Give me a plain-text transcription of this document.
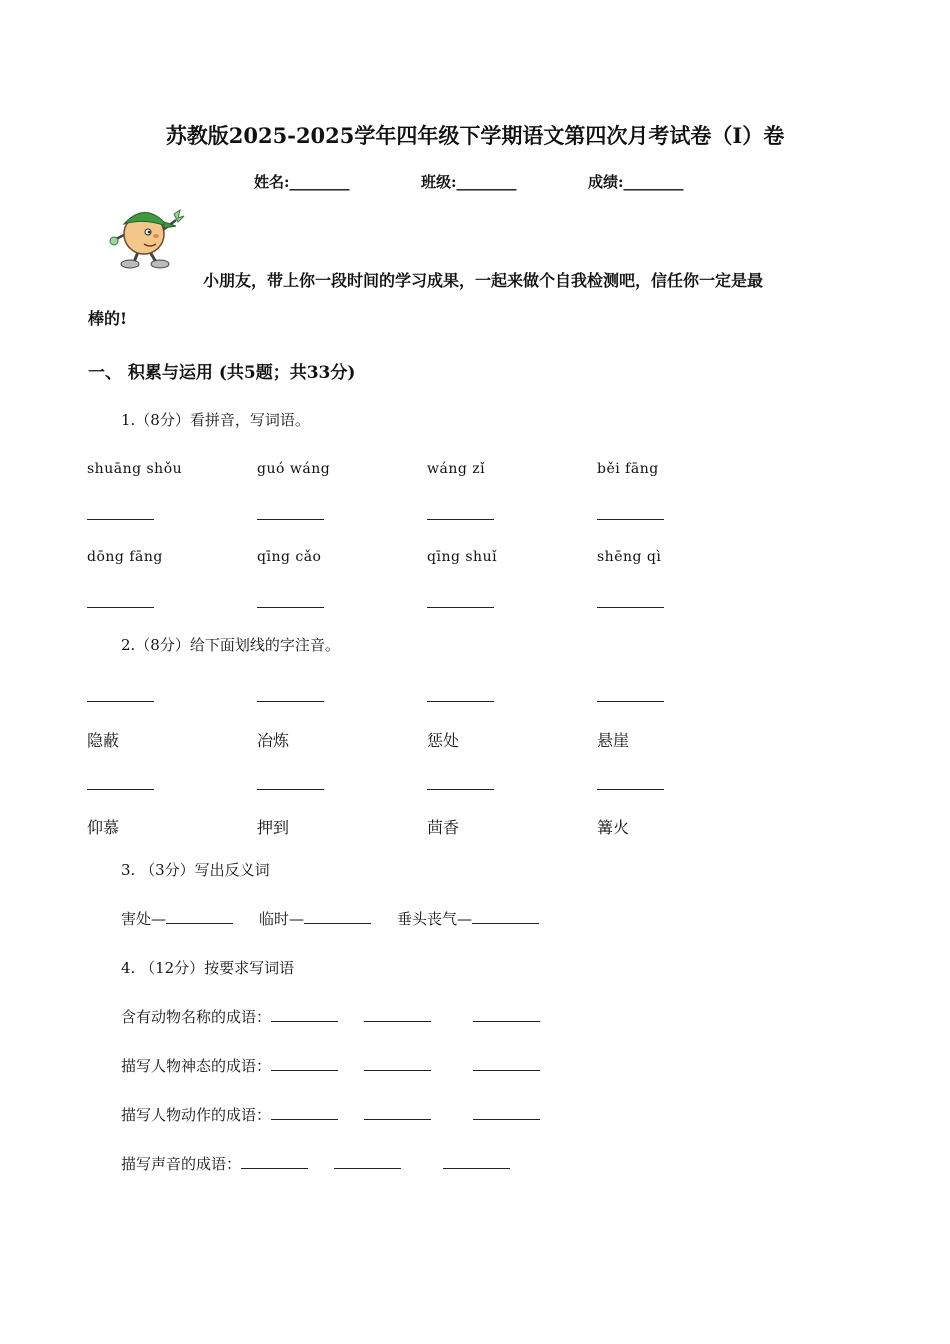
苏教版2025-2025学年四年级下学期语文第四次月考试卷（I）卷
姓名:________	班级:________	成绩:________
小朋友，带上你一段时间的学习成果，一起来做个自我检测吧，信任你一定是最
棒的!
一、 积累与运用 (共5题；共33分)
1.（8分）看拼音，写词语。
shuāng shǒu	guó wáng	wáng zǐ	běi fāng
dōng fāng	qīng cǎo	qīng shuǐ	shēng qì
2.（8分）给下面划线的字注音。
隐蔽	冶炼	惩处	悬崖
仰慕	押到	茴香	篝火
3. （3分）写出反义词
害处—	临时—	垂头丧气—
4. （12分）按要求写词语
含有动物名称的成语：
描写人物神态的成语：
描写人物动作的成语：
描写声音的成语：
